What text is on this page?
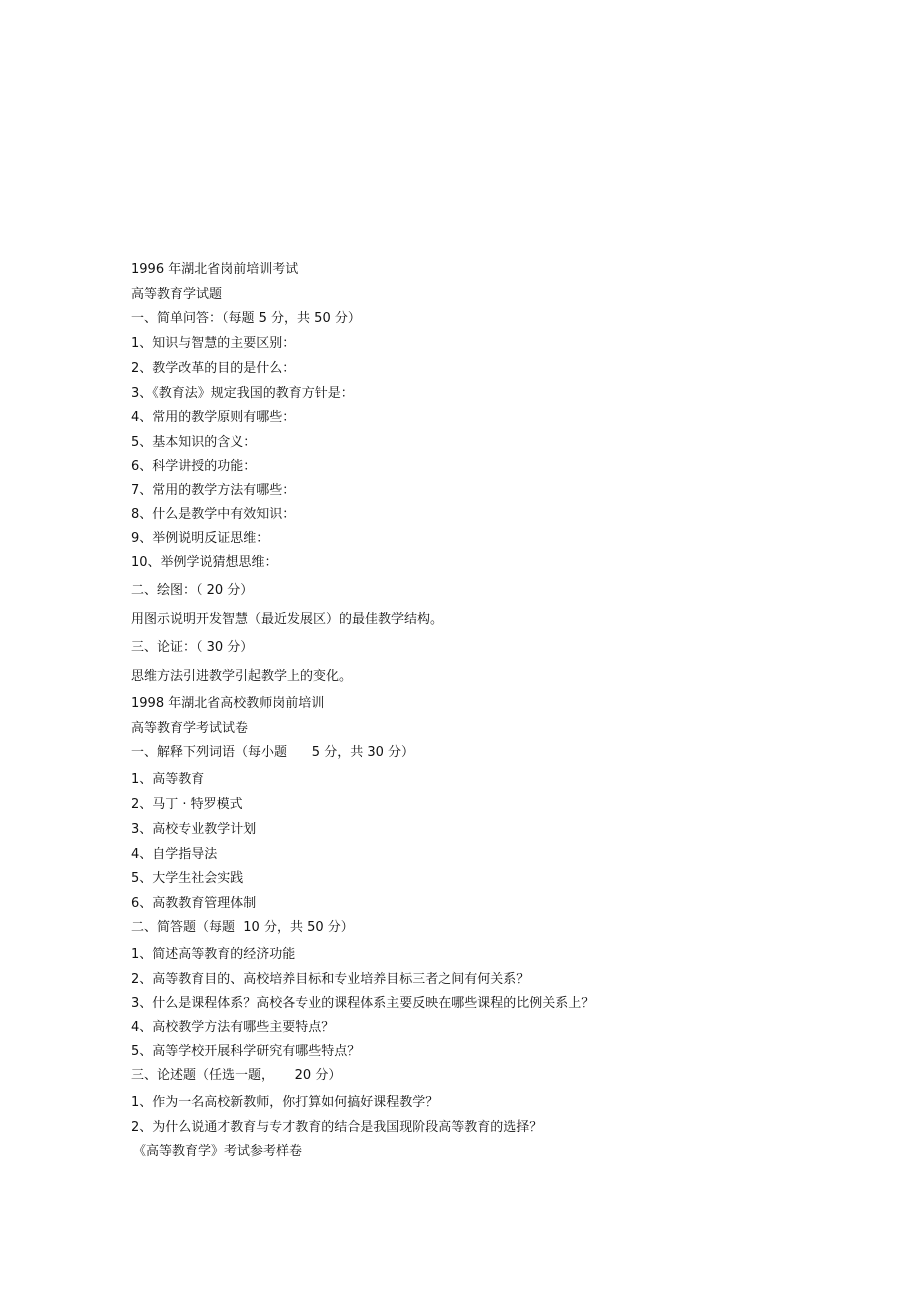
1996 年湖北省岗前培训考试
高等教育学试题
一、简单问答：（每题 5 分，共 50 分）
1、知识与智慧的主要区别：
2、教学改革的目的是什么：
3、《教育法》规定我国的教育方针是：
4、常用的教学原则有哪些：
5、基本知识的含义：
6、科学讲授的功能：
7、常用的教学方法有哪些：
8、什么是教学中有效知识：
9、举例说明反证思维：
10、举例学说猜想思维：
二、绘图：（ 20 分）
用图示说明开发智慧（最近发展区）的最佳教学结构。
三、论证：（ 30 分）
思维方法引进教学引起教学上的变化。
1998 年湖北省高校教师岗前培训
高等教育学考试试卷
一、解释下列词语（每小题      5 分，共 30 分）
1、高等教育
2、马丁 · 特罗模式
3、高校专业教学计划
4、自学指导法
5、大学生社会实践
6、高教教育管理体制
二、简答题（每题  10 分，共 50 分）
1、简述高等教育的经济功能
2、高等教育目的、高校培养目标和专业培养目标三者之间有何关系？
3、什么是课程体系？高校各专业的课程体系主要反映在哪些课程的比例关系上？
4、高校教学方法有哪些主要特点？
5、高等学校开展科学研究有哪些特点？
三、论述题（任选一题，     20 分）
1、作为一名高校新教师，你打算如何搞好课程教学？
2、为什么说通才教育与专才教育的结合是我国现阶段高等教育的选择？
《高等教育学》考试参考样卷
